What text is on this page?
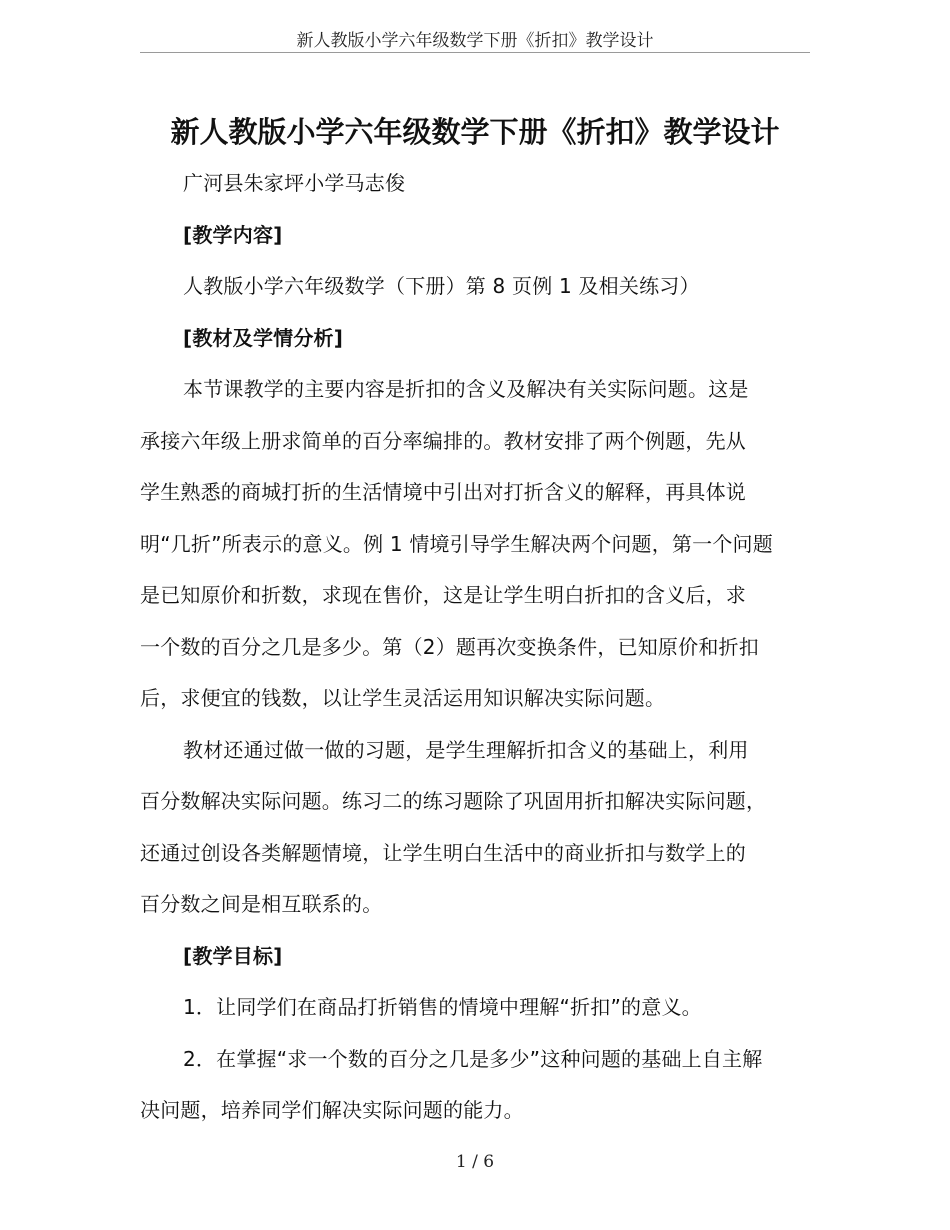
新人教版小学六年级数学下册《折扣》教学设计
新人教版小学六年级数学下册《折扣》教学设计

广河县朱家坪小学马志俊

[教学内容]

人教版小学六年级数学（下册）第 8 页例 1 及相关练习）

[教材及学情分析]

本节课教学的主要内容是折扣的含义及解决有关实际问题。这是
承接六年级上册求简单的百分率编排的。教材安排了两个例题，先从
学生熟悉的商城打折的生活情境中引出对打折含义的解释，再具体说
明“几折”所表示的意义。例 1 情境引导学生解决两个问题，第一个问题
是已知原价和折数，求现在售价，这是让学生明白折扣的含义后，求
一个数的百分之几是多少。第（2）题再次变换条件，已知原价和折扣
后，求便宜的钱数，以让学生灵活运用知识解决实际问题。
教材还通过做一做的习题，是学生理解折扣含义的基础上，利用
百分数解决实际问题。练习二的练习题除了巩固用折扣解决实际问题，
还通过创设各类解题情境，让学生明白生活中的商业折扣与数学上的
百分数之间是相互联系的。

[教学目标]

1．让同学们在商品打折销售的情境中理解“折扣”的意义。

2．在掌握“求一个数的百分之几是多少”这种问题的基础上自主解
决问题，培养同学们解决实际问题的能力。
1 / 6
